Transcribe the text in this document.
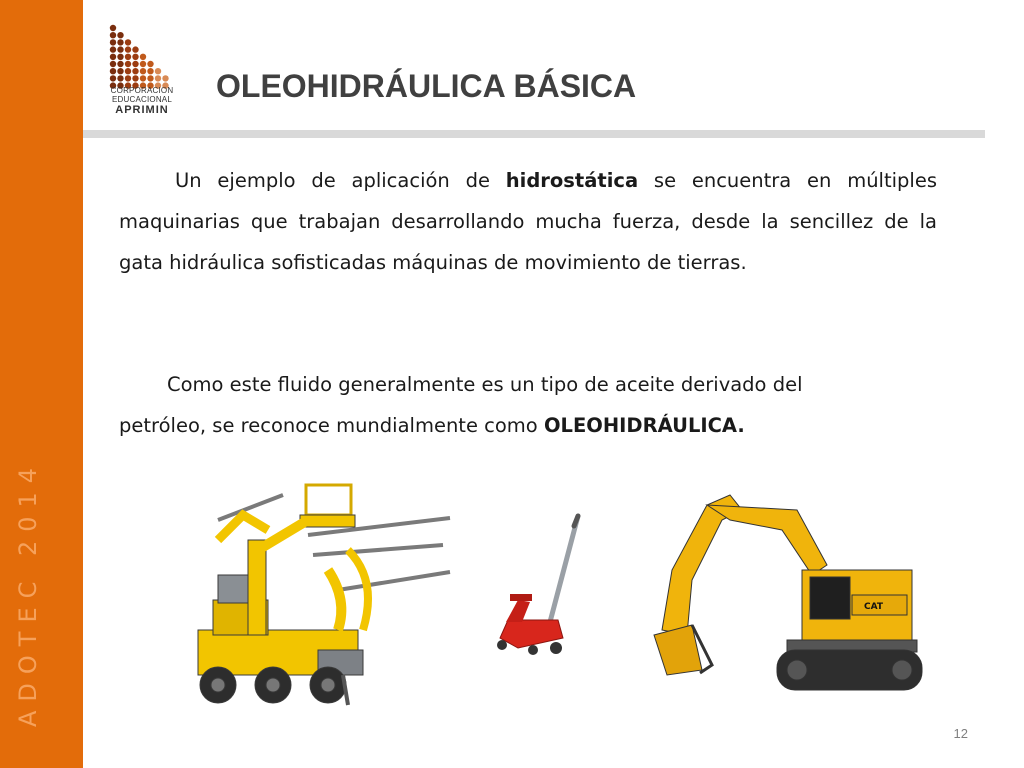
ADOTEC 2014
CORPORACION
EDUCACIONAL
APRIMIN
OLEOHIDRÁULICA BÁSICA

Un ejemplo de aplicación de hidrostática se encuentra en múltiples maquinarias que trabajan desarrollando mucha fuerza, desde la sencillez de la gata hidráulica sofisticadas máquinas de movimiento de tierras.

Como este fluido generalmente es un tipo de aceite derivado del
petróleo, se reconoce mundialmente como OLEOHIDRÁULICA.

CAT
12
